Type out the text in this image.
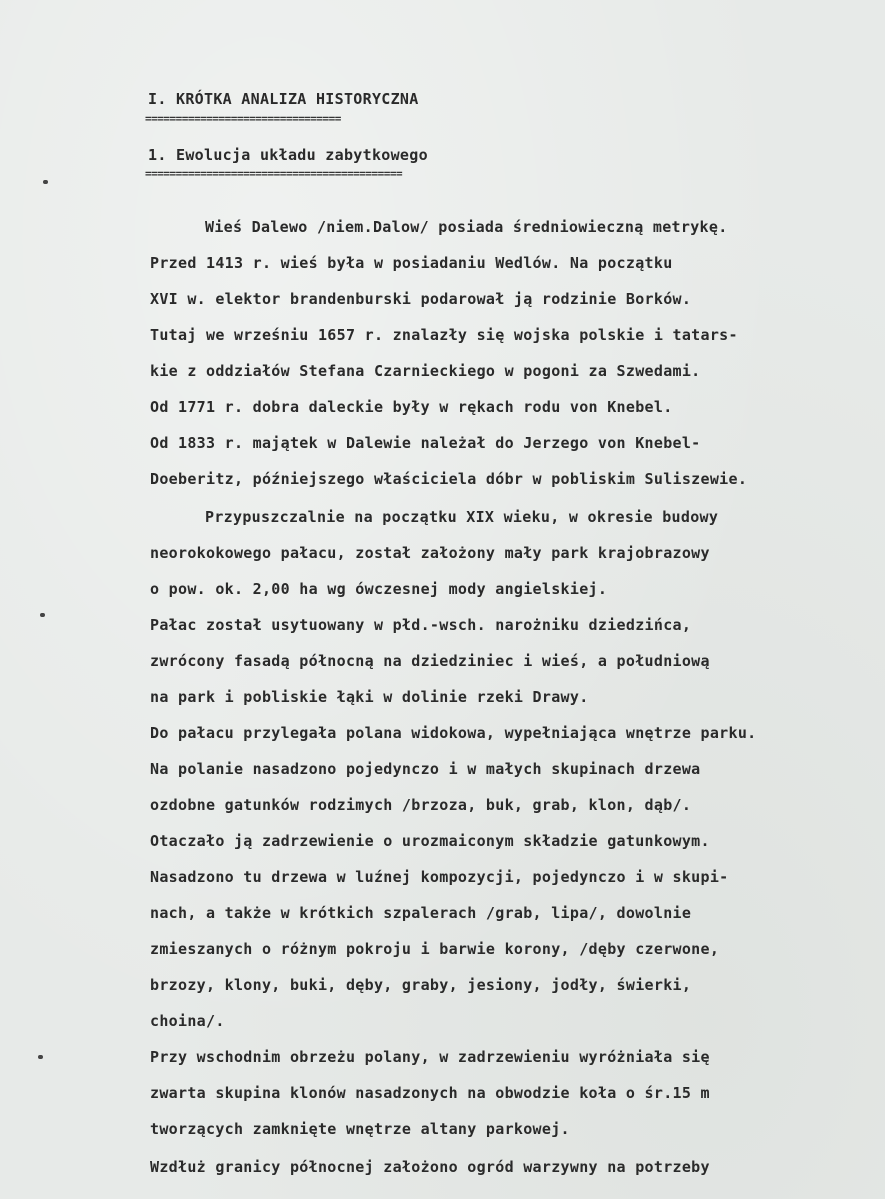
I. KRÓTKA ANALIZA HISTORYCZNA
================================
1. Ewolucja układu zabytkowego
==========================================
Wieś Dalewo /niem.Dalow/ posiada średniowieczną metrykę.
Przed 1413 r. wieś była w posiadaniu Wedlów. Na początku
XVI w. elektor brandenburski podarował ją rodzinie Borków.
Tutaj we wrześniu 1657 r. znalazły się wojska polskie i tatars-
kie z oddziałów Stefana Czarnieckiego w pogoni za Szwedami.
Od 1771 r. dobra daleckie były w rękach rodu von Knebel.
Od 1833 r. majątek w Dalewie należał do Jerzego von Knebel-
Doeberitz, późniejszego właściciela dóbr w pobliskim Suliszewie.
Przypuszczalnie na początku XIX wieku, w okresie budowy
neorokokowego pałacu, został założony mały park krajobrazowy
o pow. ok. 2,00 ha wg ówczesnej mody angielskiej.
Pałac został usytuowany w płd.-wsch. narożniku dziedzińca,
zwrócony fasadą północną na dziedziniec i wieś, a południową
na park i pobliskie łąki w dolinie rzeki Drawy.
Do pałacu przylegała polana widokowa, wypełniająca wnętrze parku.
Na polanie nasadzono pojedynczo i w małych skupinach drzewa
ozdobne gatunków rodzimych /brzoza, buk, grab, klon, dąb/.
Otaczało ją zadrzewienie o urozmaiconym składzie gatunkowym.
Nasadzono tu drzewa w luźnej kompozycji, pojedynczo i w skupi-
nach, a także w krótkich szpalerach /grab, lipa/, dowolnie
zmieszanych o różnym pokroju i barwie korony, /dęby czerwone,
brzozy, klony, buki, dęby, graby, jesiony, jodły, świerki,
choina/.
Przy wschodnim obrzeżu polany, w zadrzewieniu wyróżniała się
zwarta skupina klonów nasadzonych na obwodzie koła o śr.15 m
tworzących zamknięte wnętrze altany parkowej.
Wzdłuż granicy północnej założono ogród warzywny na potrzeby
